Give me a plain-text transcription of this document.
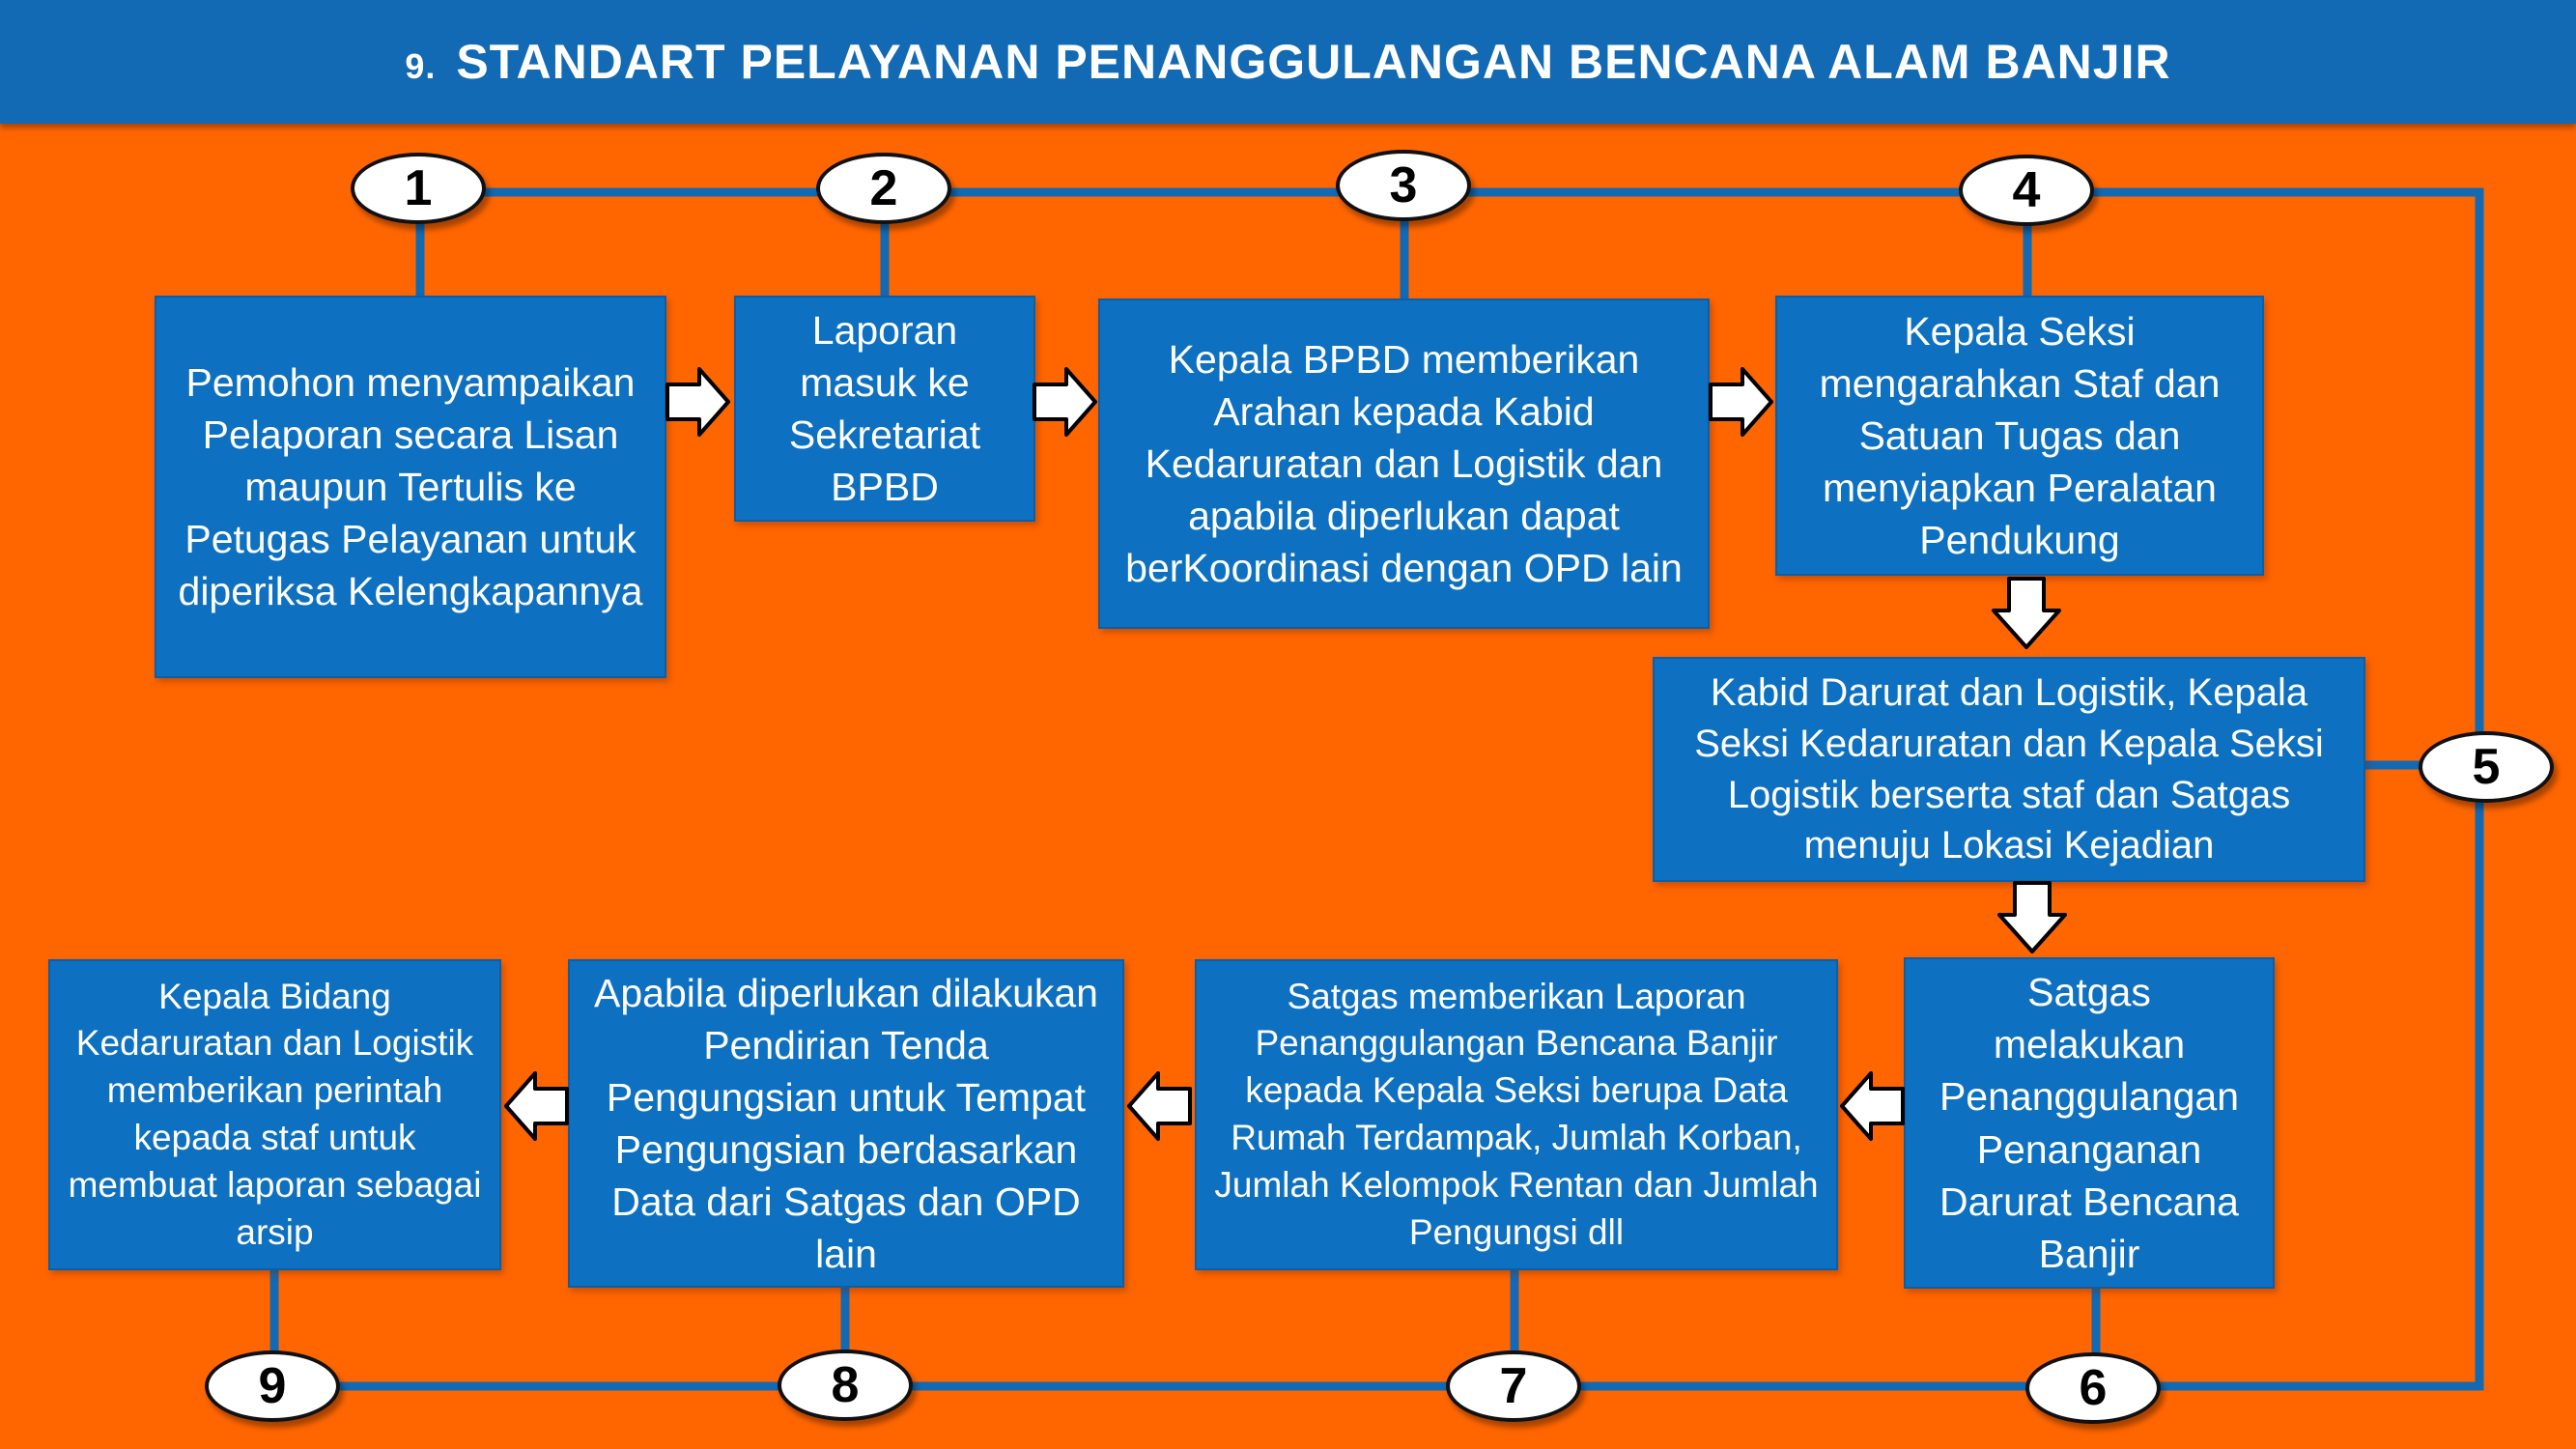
9. STANDART PELAYANAN PENANGGULANGAN BENCANA ALAM BANJIR
Pemohon menyampaikan Pelaporan secara Lisan maupun Tertulis ke Petugas Pelayanan untuk diperiksa Kelengkapannya
Laporan masuk ke Sekretariat BPBD
Kepala BPBD memberikan Arahan kepada Kabid Kedaruratan dan Logistik dan apabila diperlukan dapat berKoordinasi dengan OPD lain
Kepala Seksi mengarahkan Staf dan Satuan Tugas dan menyiapkan Peralatan Pendukung
Kabid Darurat dan Logistik, Kepala Seksi Kedaruratan dan Kepala Seksi Logistik berserta staf dan Satgas menuju Lokasi Kejadian
Satgas melakukan Penanggulangan Penanganan Darurat Bencana Banjir
Satgas memberikan Laporan Penanggulangan Bencana Banjir kepada Kepala Seksi berupa Data Rumah Terdampak, Jumlah Korban, Jumlah Kelompok Rentan dan Jumlah Pengungsi dll
Apabila diperlukan dilakukan Pendirian Tenda Pengungsian untuk Tempat Pengungsian berdasarkan Data dari Satgas dan OPD lain
Kepala Bidang Kedaruratan dan Logistik memberikan perintah kepada staf untuk membuat laporan sebagai arsip
1	2	3	4
5
6
7
8
9
